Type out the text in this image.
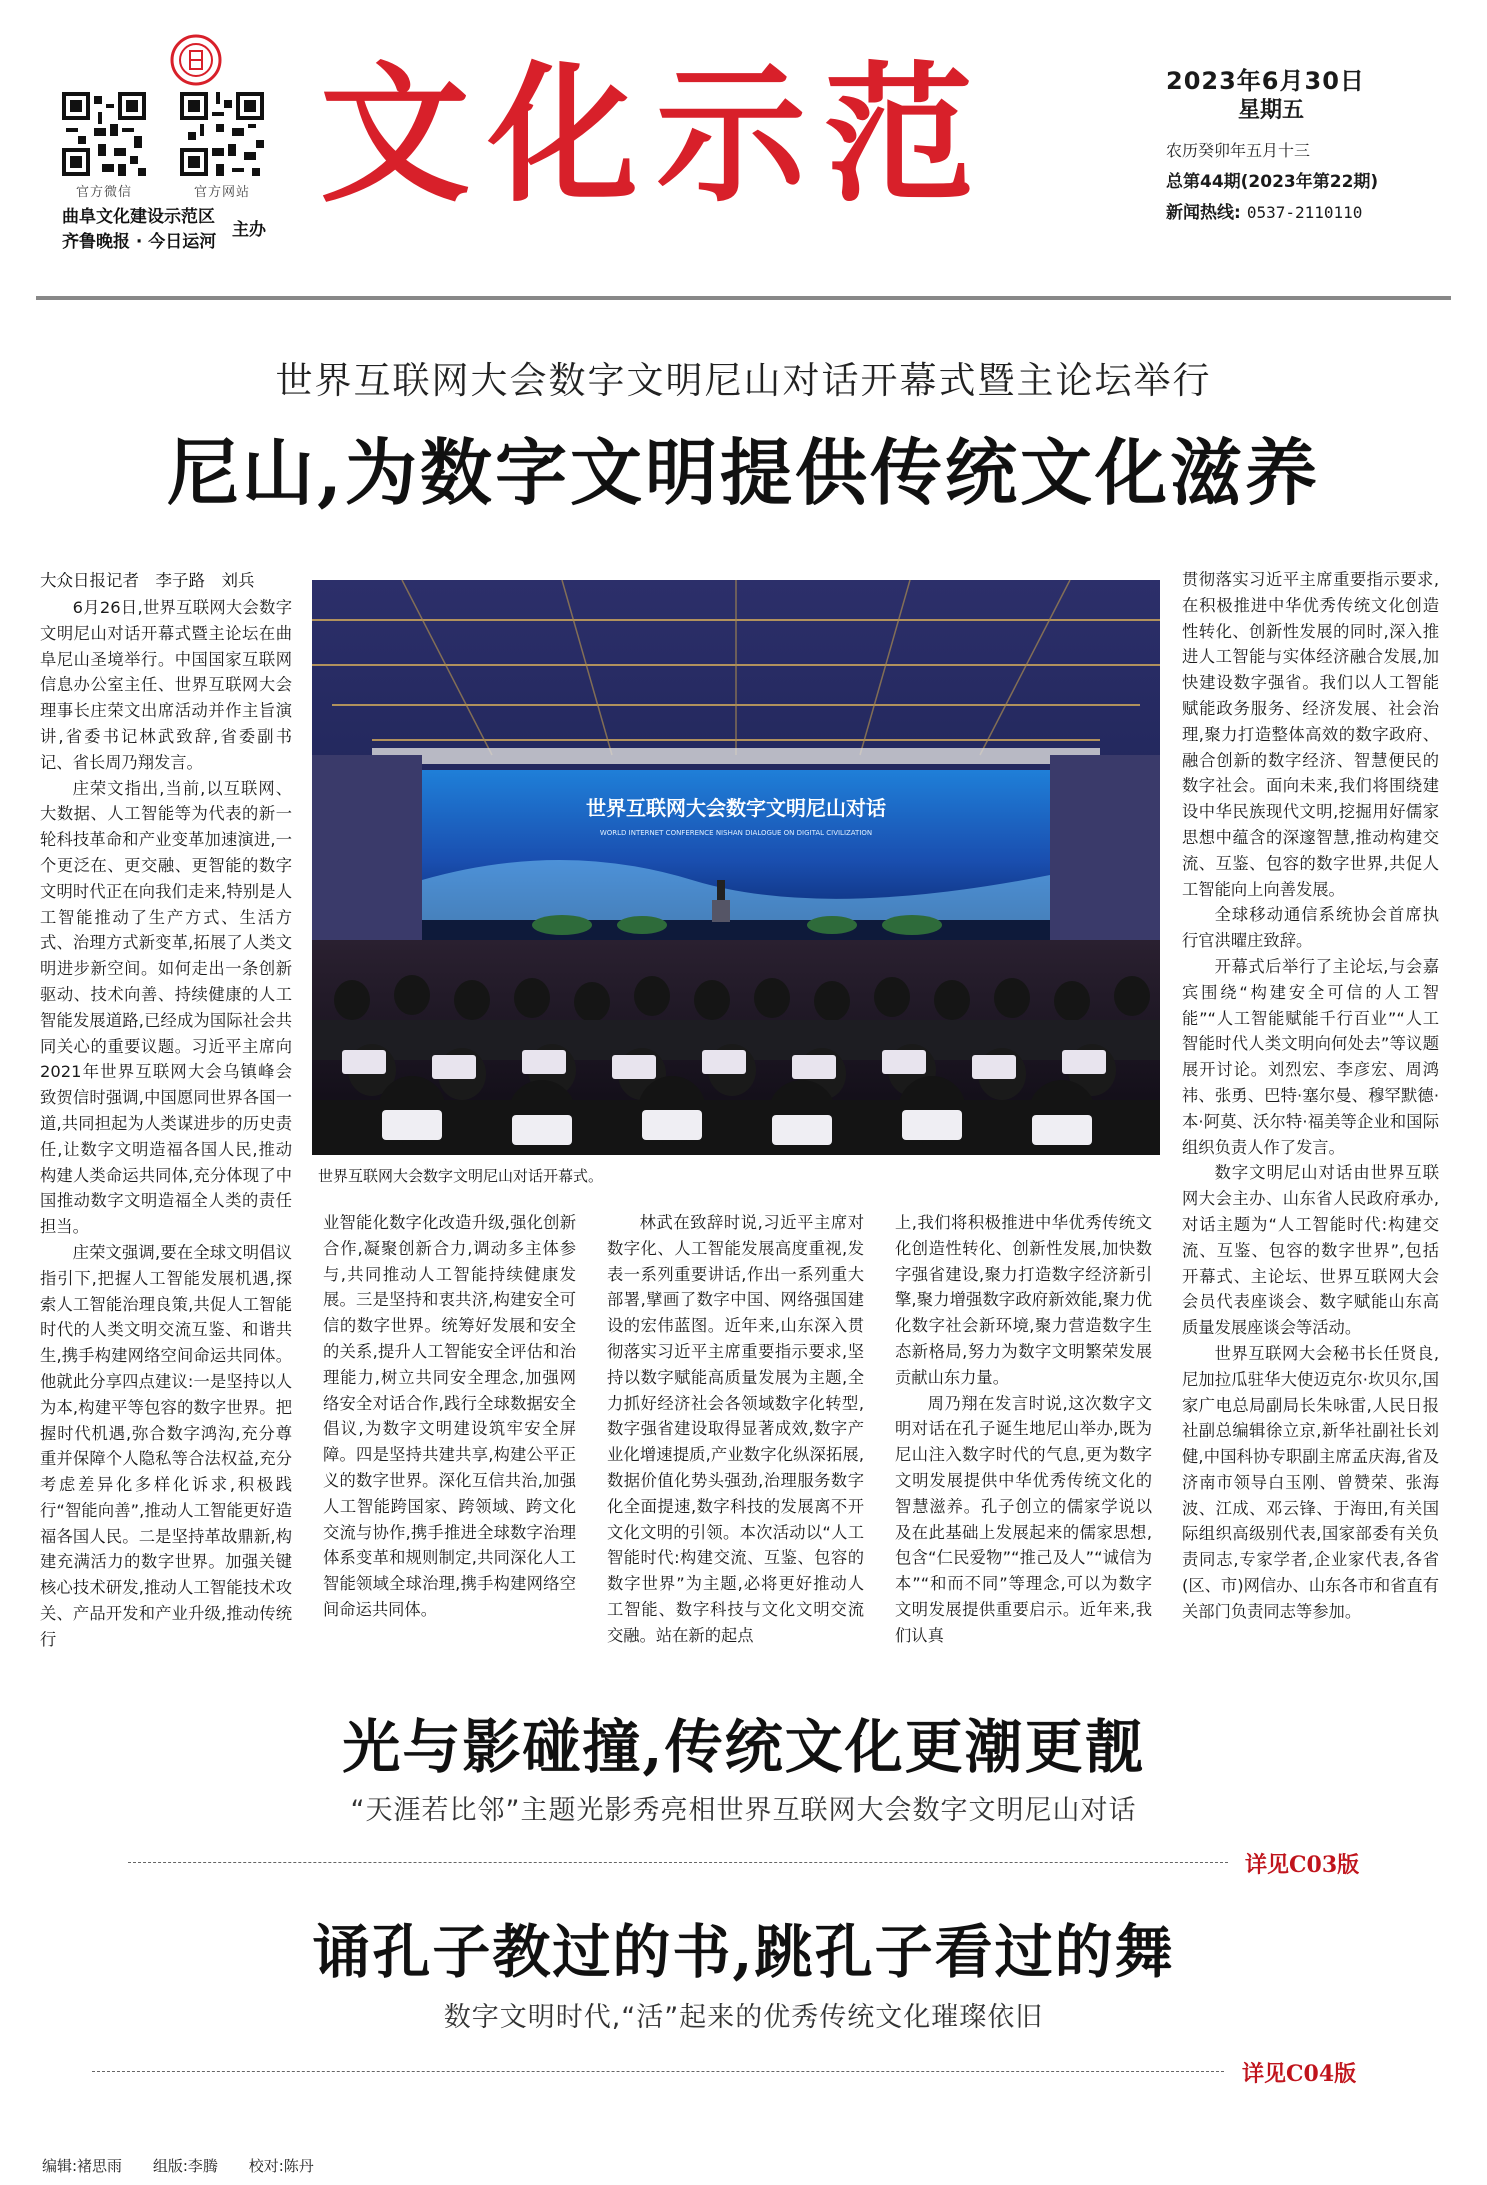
官方微信	官方网站
曲阜文化建设示范区
齐鲁晚报 · 今日运河
主办
文化示范	2023年6月30日
星期五
农历癸卯年五月十三
总第44期(2023年第22期)
新闻热线: 0537-2110110
世界互联网大会数字文明尼山对话开幕式暨主论坛举行
尼山,为数字文明提供传统文化滋养
大众日报记者　李子路　刘兵

6月26日,世界互联网大会数字文明尼山对话开幕式暨主论坛在曲阜尼山圣境举行。中国国家互联网信息办公室主任、世界互联网大会理事长庄荣文出席活动并作主旨演讲,省委书记林武致辞,省委副书记、省长周乃翔发言。

庄荣文指出,当前,以互联网、大数据、人工智能等为代表的新一轮科技革命和产业变革加速演进,一个更泛在、更交融、更智能的数字文明时代正在向我们走来,特别是人工智能推动了生产方式、生活方式、治理方式新变革,拓展了人类文明进步新空间。如何走出一条创新驱动、技术向善、持续健康的人工智能发展道路,已经成为国际社会共同关心的重要议题。习近平主席向2021年世界互联网大会乌镇峰会致贺信时强调,中国愿同世界各国一道,共同担起为人类谋进步的历史责任,让数字文明造福各国人民,推动构建人类命运共同体,充分体现了中国推动数字文明造福全人类的责任担当。

庄荣文强调,要在全球文明倡议指引下,把握人工智能发展机遇,探索人工智能治理良策,共促人工智能时代的人类文明交流互鉴、和谐共生,携手构建网络空间命运共同体。他就此分享四点建议:一是坚持以人为本,构建平等包容的数字世界。把握时代机遇,弥合数字鸿沟,充分尊重并保障个人隐私等合法权益,充分考虑差异化多样化诉求,积极践行“智能向善”,推动人工智能更好造福各国人民。二是坚持革故鼎新,构建充满活力的数字世界。加强关键核心技术研发,推动人工智能技术攻关、产品开发和产业升级,推动传统行

世界互联网大会数字文明尼山对话
WORLD INTERNET CONFERENCE NISHAN DIALOGUE ON DIGITAL CIVILIZATION
世界互联网大会数字文明尼山对话开幕式。

业智能化数字化改造升级,强化创新合作,凝聚创新合力,调动多主体参与,共同推动人工智能持续健康发展。三是坚持和衷共济,构建安全可信的数字世界。统筹好发展和安全的关系,提升人工智能安全评估和治理能力,树立共同安全理念,加强网络安全对话合作,践行全球数据安全倡议,为数字文明建设筑牢安全屏障。四是坚持共建共享,构建公平正义的数字世界。深化互信共治,加强人工智能跨国家、跨领域、跨文化交流与协作,携手推进全球数字治理体系变革和规则制定,共同深化人工智能领域全球治理,携手构建网络空间命运共同体。

林武在致辞时说,习近平主席对数字化、人工智能发展高度重视,发表一系列重要讲话,作出一系列重大部署,擘画了数字中国、网络强国建设的宏伟蓝图。近年来,山东深入贯彻落实习近平主席重要指示要求,坚持以数字赋能高质量发展为主题,全力抓好经济社会各领域数字化转型,数字强省建设取得显著成效,数字产业化增速提质,产业数字化纵深拓展,数据价值化势头强劲,治理服务数字化全面提速,数字科技的发展离不开文化文明的引领。本次活动以“人工智能时代:构建交流、互鉴、包容的数字世界”为主题,必将更好推动人工智能、数字科技与文化文明交流交融。站在新的起点

上,我们将积极推进中华优秀传统文化创造性转化、创新性发展,加快数字强省建设,聚力打造数字经济新引擎,聚力增强数字政府新效能,聚力优化数字社会新环境,聚力营造数字生态新格局,努力为数字文明繁荣发展贡献山东力量。

周乃翔在发言时说,这次数字文明对话在孔子诞生地尼山举办,既为尼山注入数字时代的气息,更为数字文明发展提供中华优秀传统文化的智慧滋养。孔子创立的儒家学说以及在此基础上发展起来的儒家思想,包含“仁民爱物”“推己及人”“诚信为本”“和而不同”等理念,可以为数字文明发展提供重要启示。近年来,我们认真

贯彻落实习近平主席重要指示要求,在积极推进中华优秀传统文化创造性转化、创新性发展的同时,深入推进人工智能与实体经济融合发展,加快建设数字强省。我们以人工智能赋能政务服务、经济发展、社会治理,聚力打造整体高效的数字政府、融合创新的数字经济、智慧便民的数字社会。面向未来,我们将围绕建设中华民族现代文明,挖掘用好儒家思想中蕴含的深邃智慧,推动构建交流、互鉴、包容的数字世界,共促人工智能向上向善发展。

全球移动通信系统协会首席执行官洪曜庄致辞。

开幕式后举行了主论坛,与会嘉宾围绕“构建安全可信的人工智能”“人工智能赋能千行百业”“人工智能时代人类文明向何处去”等议题展开讨论。刘烈宏、李彦宏、周鸿祎、张勇、巴特·塞尔曼、穆罕默德·本·阿莫、沃尔特·福美等企业和国际组织负责人作了发言。

数字文明尼山对话由世界互联网大会主办、山东省人民政府承办,对话主题为“人工智能时代:构建交流、互鉴、包容的数字世界”,包括开幕式、主论坛、世界互联网大会会员代表座谈会、数字赋能山东高质量发展座谈会等活动。

世界互联网大会秘书长任贤良,尼加拉瓜驻华大使迈克尔·坎贝尔,国家广电总局副局长朱咏雷,人民日报社副总编辑徐立京,新华社副社长刘健,中国科协专职副主席孟庆海,省及济南市领导白玉刚、曾赞荣、张海波、江成、邓云锋、于海田,有关国际组织高级别代表,国家部委有关负责同志,专家学者,企业家代表,各省(区、市)网信办、山东各市和省直有关部门负责同志等参加。

光与影碰撞,传统文化更潮更靓
“天涯若比邻”主题光影秀亮相世界互联网大会数字文明尼山对话
详见C03版
诵孔子教过的书,跳孔子看过的舞
数字文明时代,“活”起来的优秀传统文化璀璨依旧
详见C04版
编辑:褚思雨 组版:李腾 校对:陈丹
